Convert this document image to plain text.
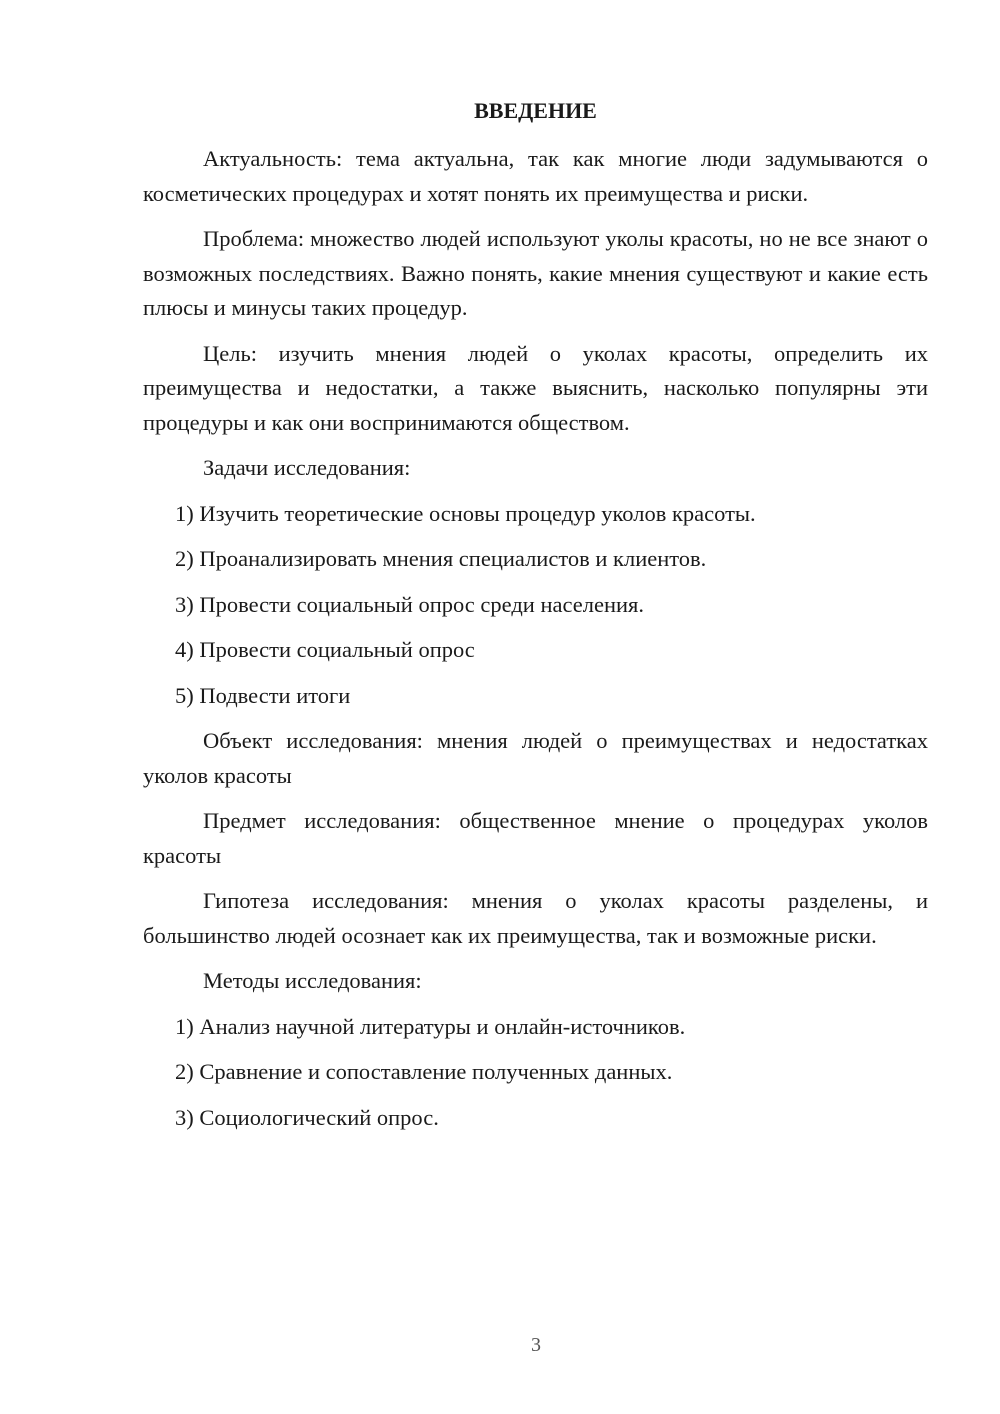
ВВЕДЕНИЕ

Актуальность: тема актуальна, так как многие люди задумываются о косметических процедурах и хотят понять их преимущества и риски.

Проблема: множество людей используют уколы красоты, но не все знают о возможных последствиях. Важно понять, какие мнения существуют и какие есть плюсы и минусы таких процедур.

Цель: изучить мнения людей о уколах красоты, определить их преимущества и недостатки, а также выяснить, насколько популярны эти процедуры и как они воспринимаются обществом.

Задачи исследования:

1) Изучить теоретические основы процедур уколов красоты.

2) Проанализировать мнения специалистов и клиентов.

3) Провести социальный опрос среди населения.

4) Провести социальный опрос

5) Подвести итоги

Объект исследования: мнения людей о преимуществах и недостатках уколов красоты

Предмет исследования: общественное мнение о процедурах уколов красоты

Гипотеза исследования: мнения о уколах красоты разделены, и большинство людей осознает как их преимущества, так и возможные риски.

Методы исследования:

1) Анализ научной литературы и онлайн-источников.

2) Сравнение и сопоставление полученных данных.

3) Социологический опрос.

3
